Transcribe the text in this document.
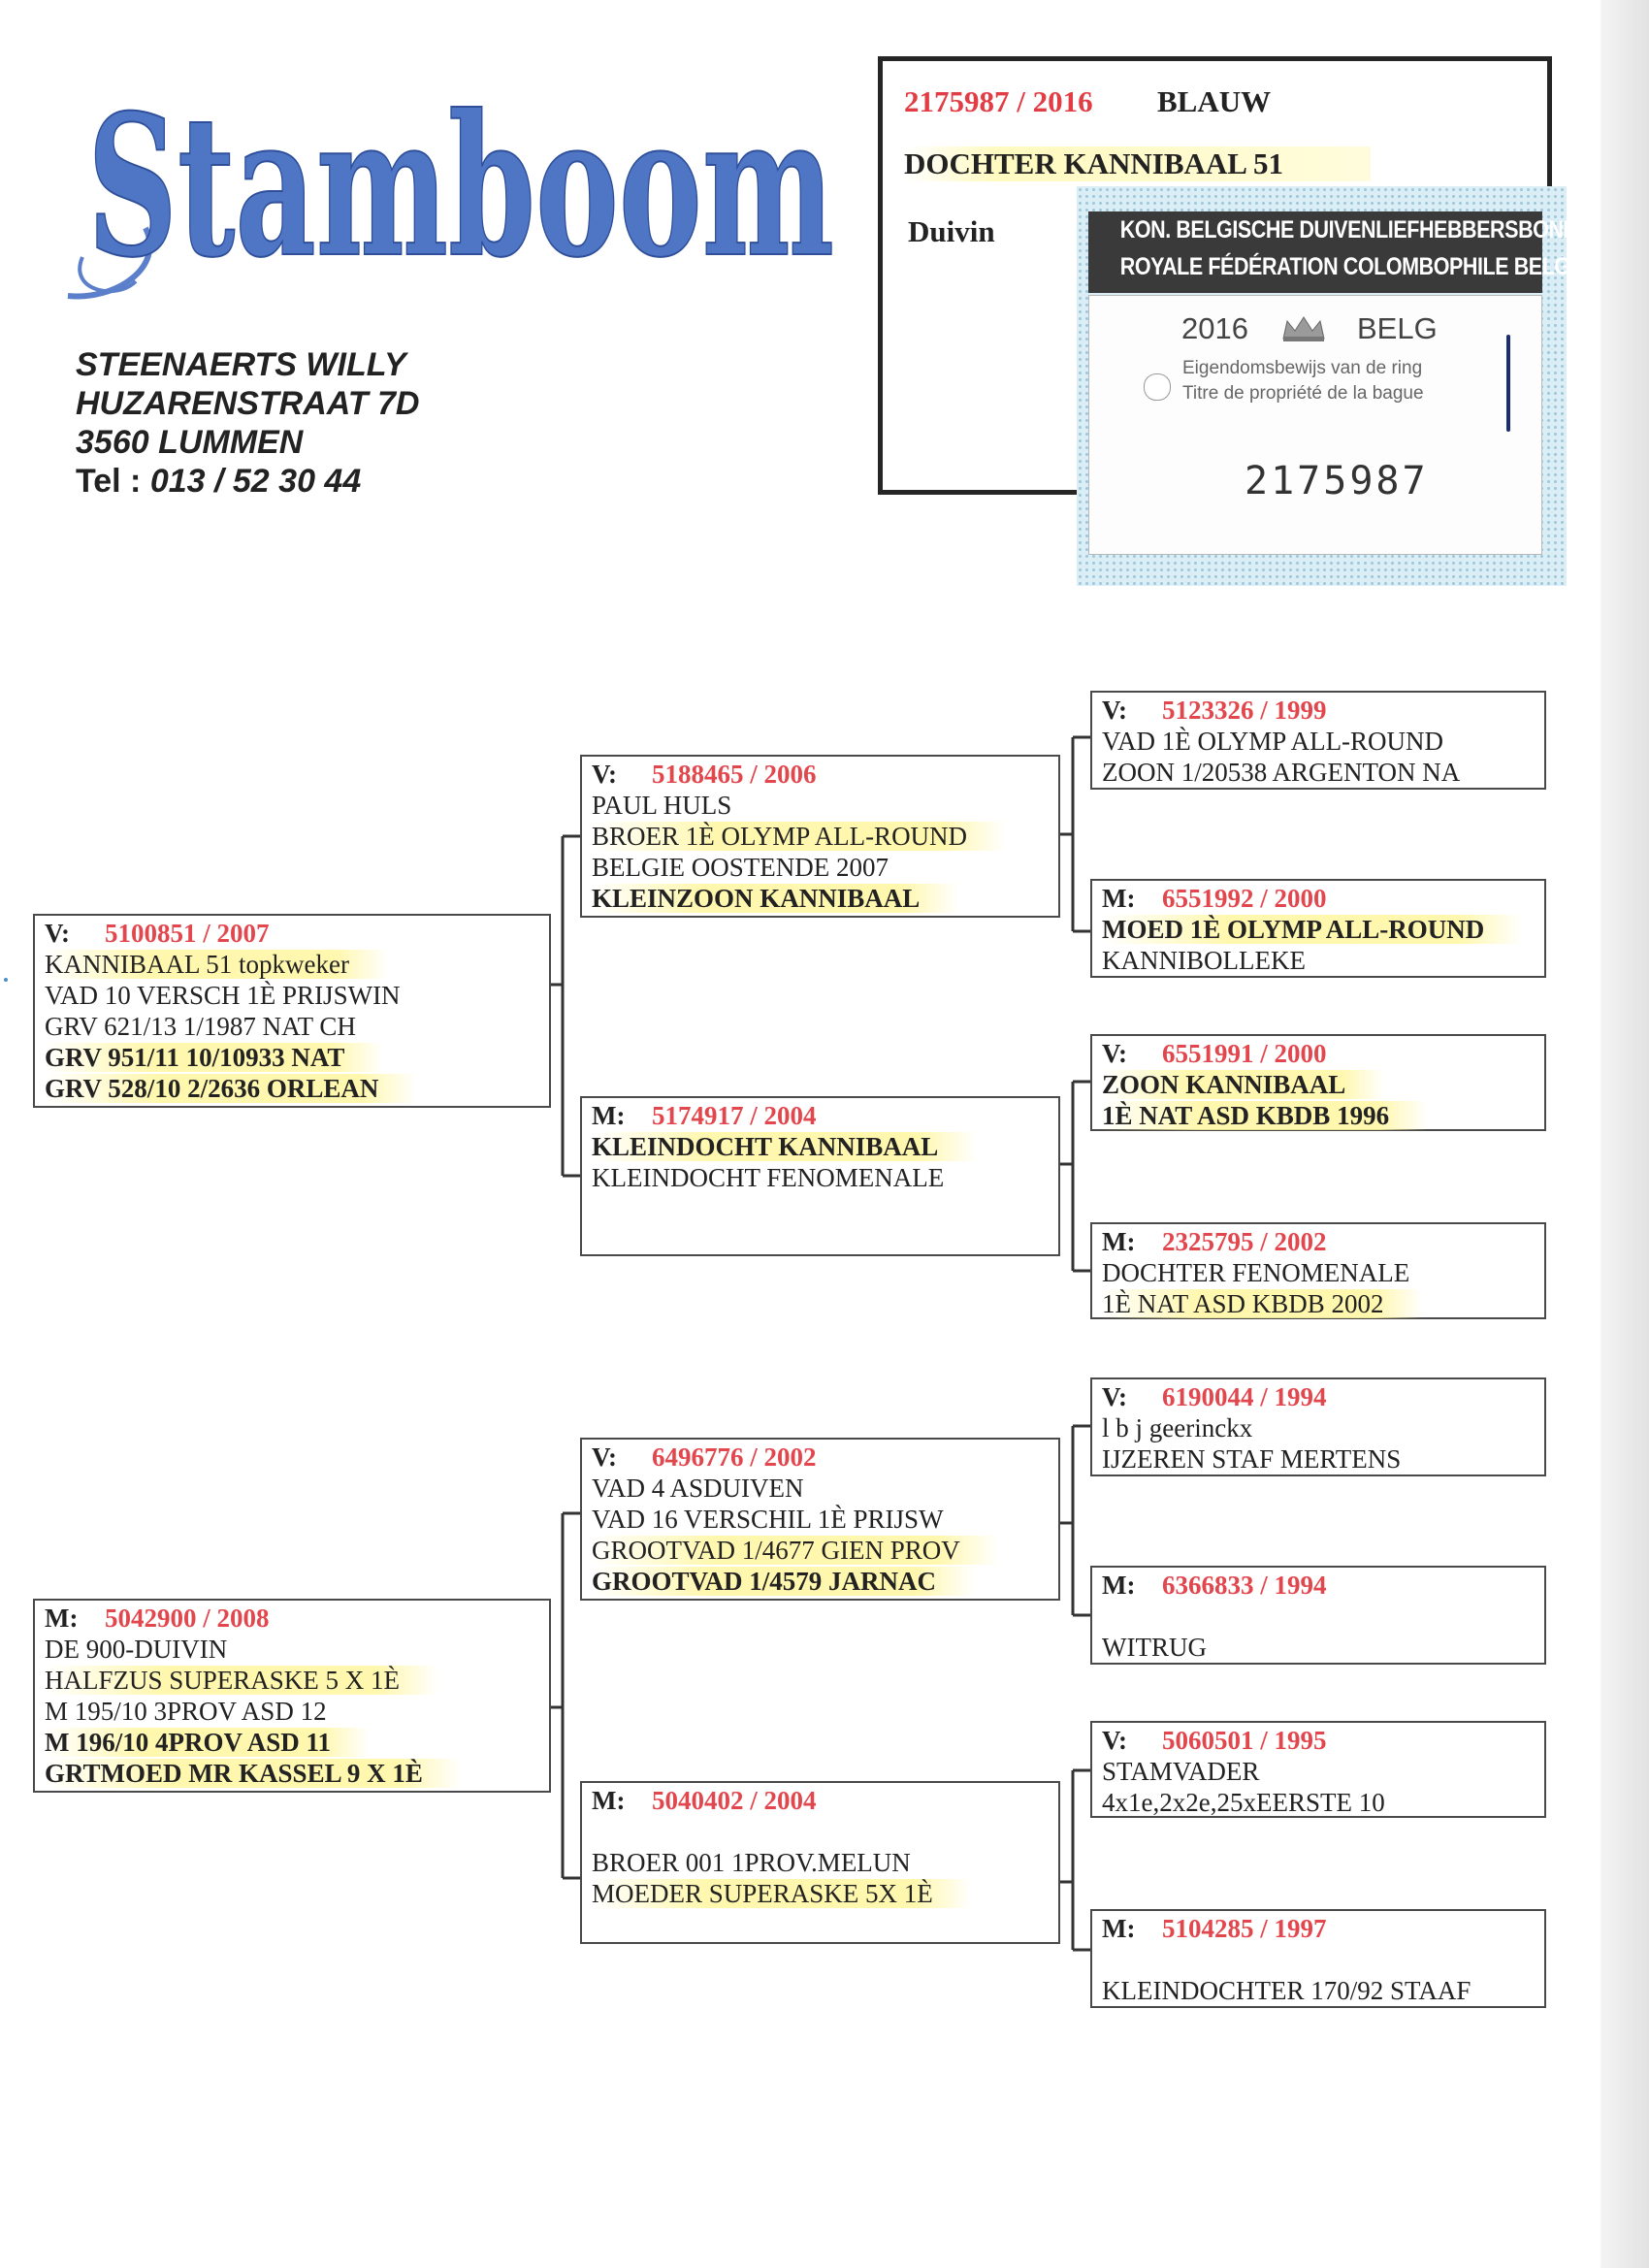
Stamboom
STEENAERTS WILLY
HUZARENSTRAAT 7D
3560 LUMMEN
Tel : 013 / 52 30 44
2175987 / 2016 BLAUW
DOCHTER KANNIBAAL 51
Duivin	KON. BELGISCHE DUIVENLIEFHEBBERSBOND
ROYALE FÉDÉRATION COLOMBOPHILE BELGE
2016	BELG
Eigendomsbewijs van de ring
Titre de propriété de la bague
2175987
V: 5100851 / 2007
KANNIBAAL 51 topkweker
VAD 10 VERSCH 1È PRIJSWIN
GRV 621/13 1/1987 NAT CH
GRV 951/11 10/10933 NAT
GRV 528/10 2/2636 ORLEAN
M: 5042900 / 2008
DE 900-DUIVIN
HALFZUS SUPERASKE 5 X 1È
M 195/10 3PROV ASD 12
M 196/10 4PROV ASD 11
GRTMOED MR KASSEL 9 X 1È
V: 5188465 / 2006
PAUL HULS
BROER 1È OLYMP ALL-ROUND
BELGIE OOSTENDE 2007
KLEINZOON KANNIBAAL
M: 5174917 / 2004
KLEINDOCHT KANNIBAAL
KLEINDOCHT FENOMENALE
V: 6496776 / 2002
VAD 4 ASDUIVEN
VAD 16 VERSCHIL 1È PRIJSW
GROOTVAD 1/4677 GIEN PROV
GROOTVAD 1/4579 JARNAC
M: 5040402 / 2004

BROER 001 1PROV.MELUN
MOEDER SUPERASKE 5X 1È
V: 5123326 / 1999
VAD 1È OLYMP ALL-ROUND
ZOON 1/20538 ARGENTON NA
M: 6551992 / 2000
MOED 1È OLYMP ALL-ROUND
KANNIBOLLEKE
V: 6551991 / 2000
ZOON KANNIBAAL
1È NAT ASD KBDB 1996
M: 2325795 / 2002
DOCHTER FENOMENALE
1È NAT ASD KBDB 2002
V: 6190044 / 1994
l b j geerinckx
IJZEREN STAF MERTENS
M: 6366833 / 1994

WITRUG
V: 5060501 / 1995
STAMVADER
4x1e,2x2e,25xEERSTE 10
M: 5104285 / 1997

KLEINDOCHTER 170/92 STAAF
